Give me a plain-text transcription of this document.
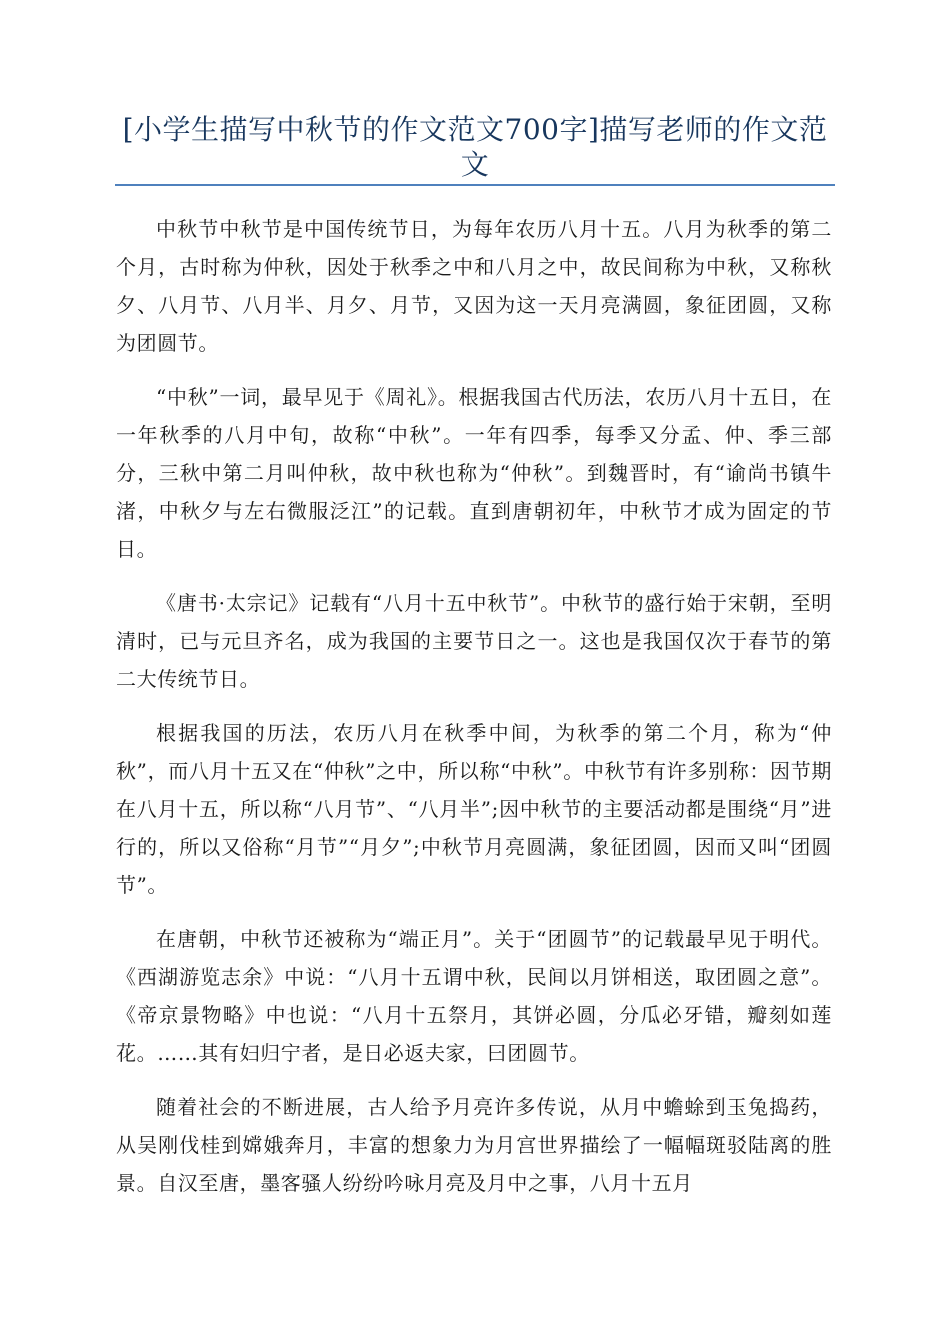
[小学生描写中秋节的作文范文700字]描写老师的作文范文

中秋节中秋节是中国传统节日，为每年农历八月十五。八月为秋季的第二个月，古时称为仲秋，因处于秋季之中和八月之中，故民间称为中秋，又称秋夕、八月节、八月半、月夕、月节，又因为这一天月亮满圆，象征团圆，又称为团圆节。

“中秋”一词，最早见于《周礼》。根据我国古代历法，农历八月十五日，在一年秋季的八月中旬，故称“中秋”。一年有四季，每季又分孟、仲、季三部分，三秋中第二月叫仲秋，故中秋也称为“仲秋”。到魏晋时，有“谕尚书镇牛渚，中秋夕与左右微服泛江”的记载。直到唐朝初年，中秋节才成为固定的节日。

《唐书·太宗记》记载有“八月十五中秋节”。中秋节的盛行始于宋朝，至明清时，已与元旦齐名，成为我国的主要节日之一。这也是我国仅次于春节的第二大传统节日。

根据我国的历法，农历八月在秋季中间，为秋季的第二个月，称为“仲秋”，而八月十五又在“仲秋”之中，所以称“中秋”。中秋节有许多别称：因节期在八月十五，所以称“八月节”、“八月半”;因中秋节的主要活动都是围绕“月”进行的，所以又俗称“月节”“月夕”;中秋节月亮圆满，象征团圆，因而又叫“团圆节”。

在唐朝，中秋节还被称为“端正月”。关于“团圆节”的记载最早见于明代。《西湖游览志余》中说：“八月十五谓中秋，民间以月饼相送，取团圆之意”。《帝京景物略》中也说：“八月十五祭月，其饼必圆，分瓜必牙错，瓣刻如莲花。……其有妇归宁者，是日必返夫家，曰团圆节。

随着社会的不断进展，古人给予月亮许多传说，从月中蟾蜍到玉兔捣药，从吴刚伐桂到嫦娥奔月，丰富的想象力为月宫世界描绘了一幅幅斑驳陆离的胜景。自汉至唐，墨客骚人纷纷吟咏月亮及月中之事，八月十五月
